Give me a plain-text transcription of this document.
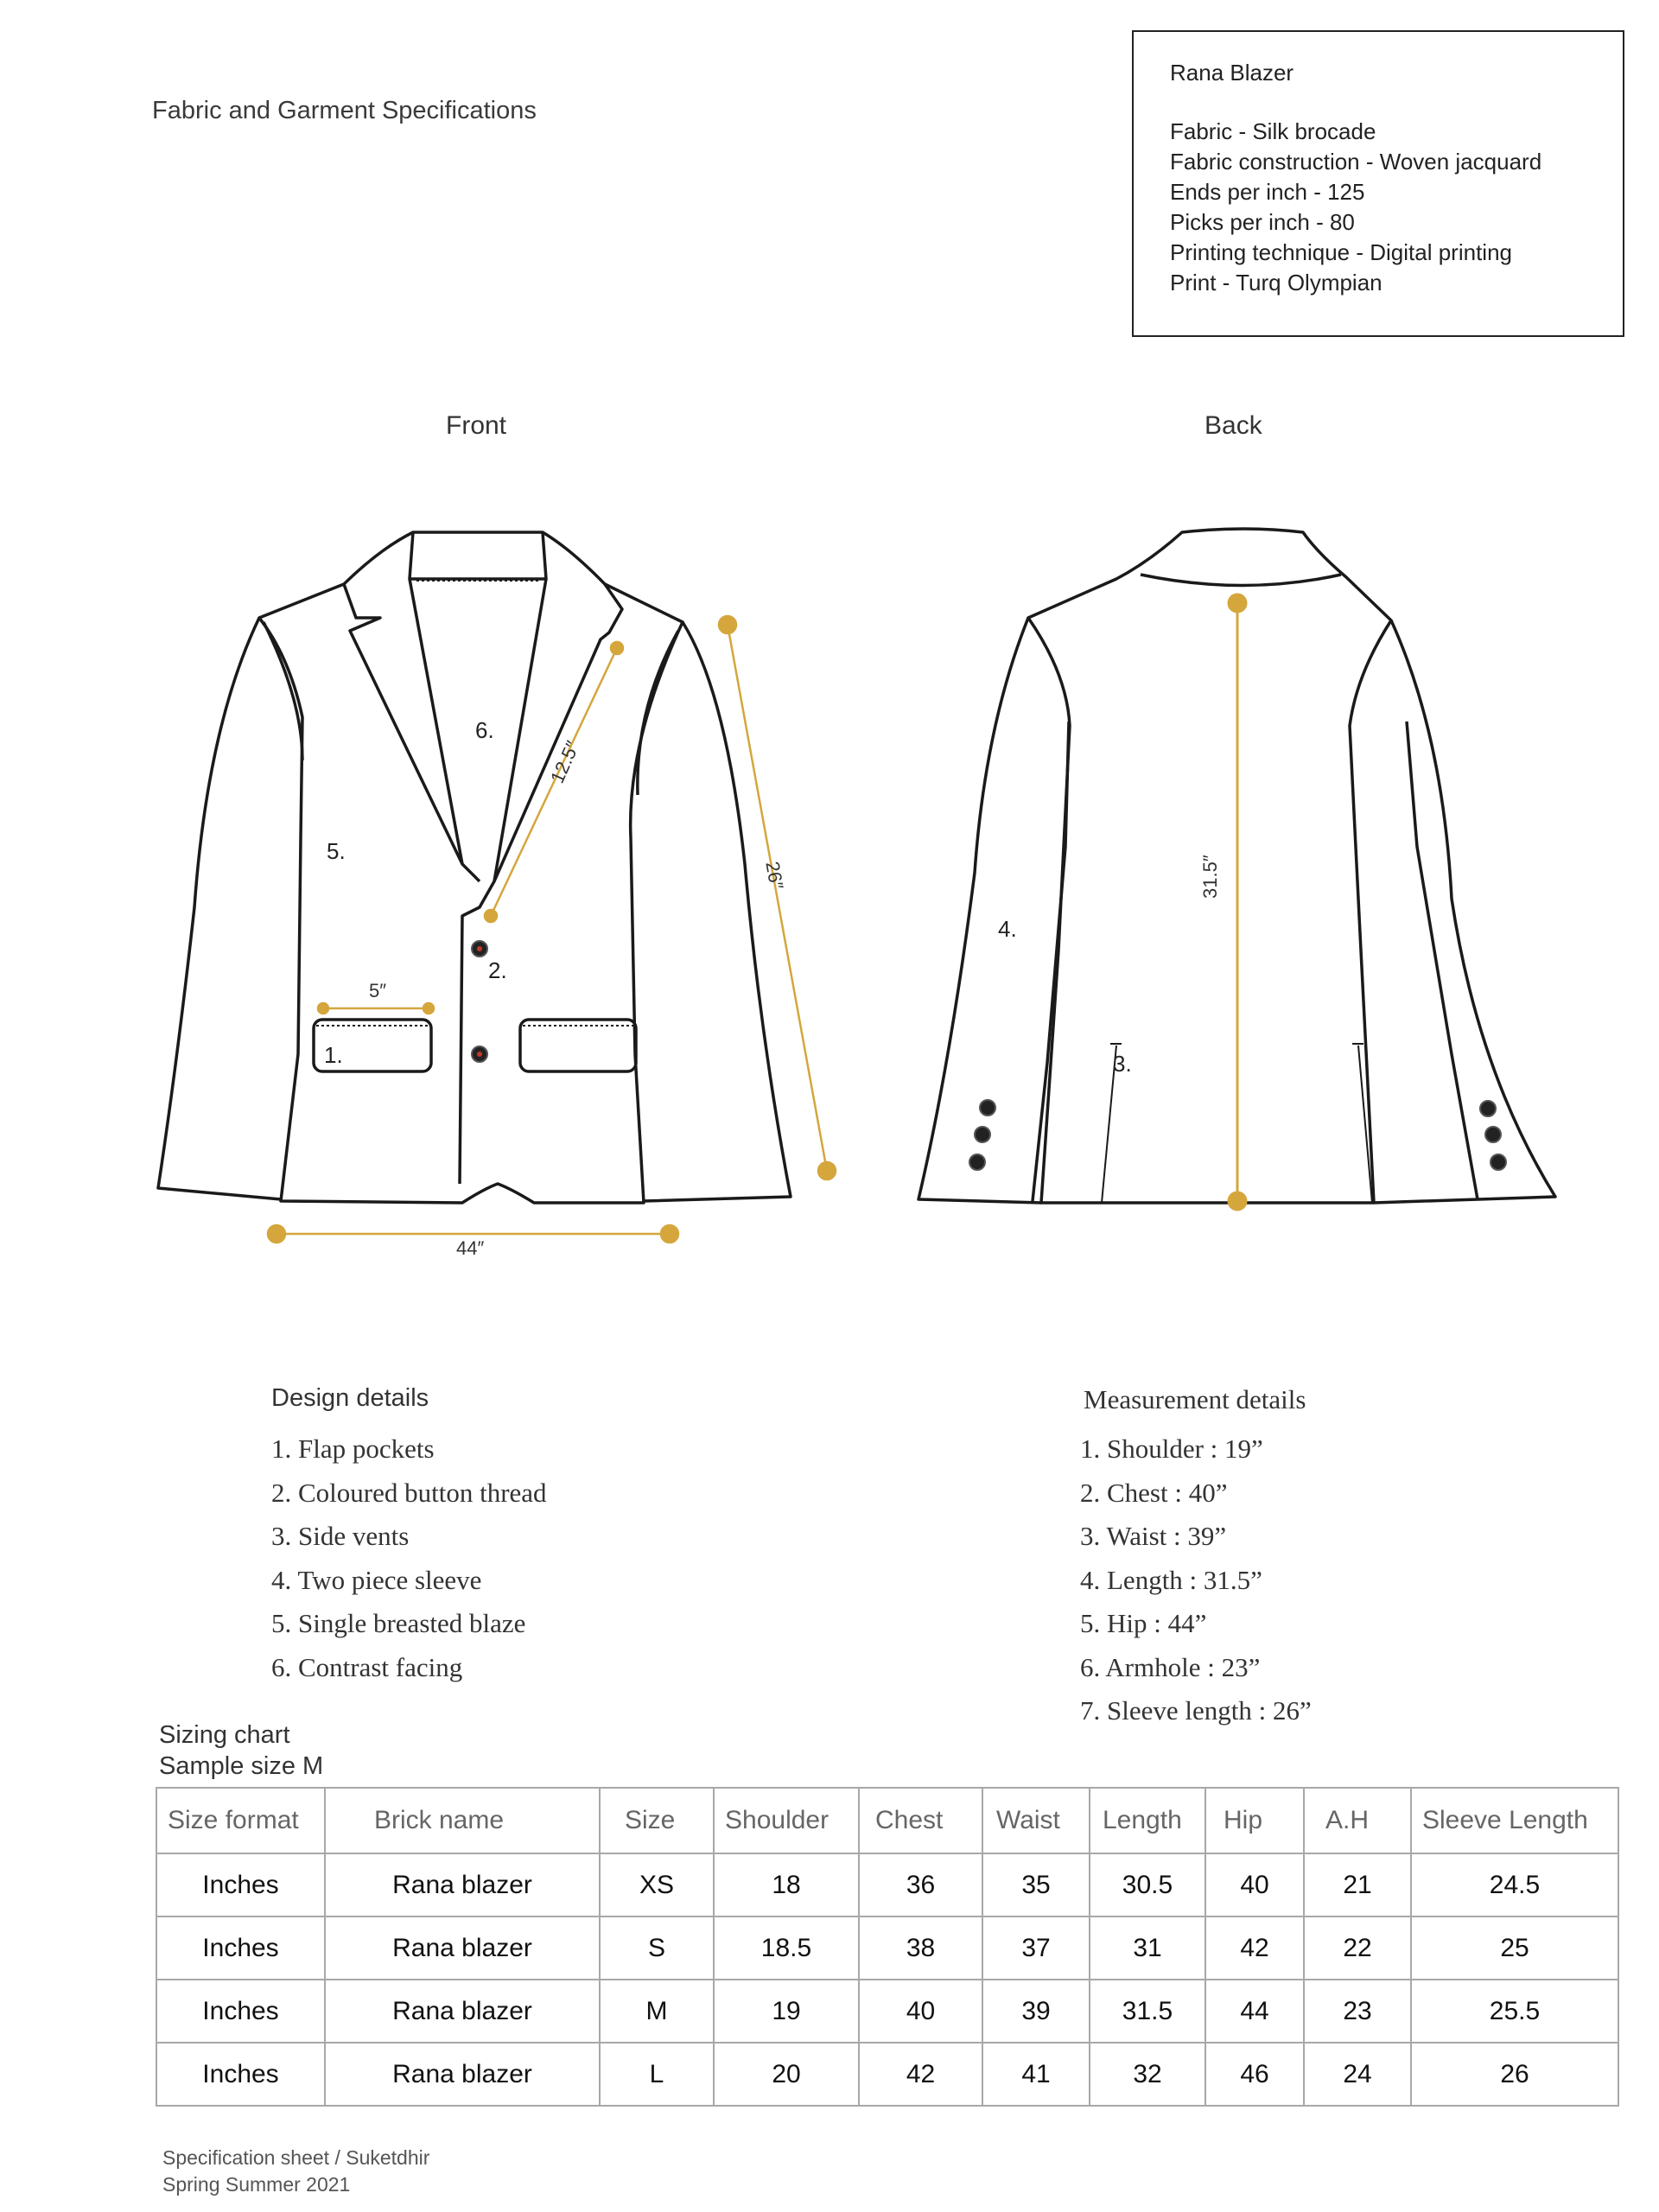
Fabric and Garment Specifications
Rana Blazer
Fabric - Silk brocade
Fabric construction - Woven jacquard
Ends per inch - 125
Picks per inch - 80
Printing technique - Digital printing
Print - Turq Olympian
Front	Back
6.
5.
2.
1.
5″
12.5″
26″
44″
4.
3.
31.5″
Design details
1. Flap pockets
2. Coloured button thread
3. Side vents
4. Two piece sleeve
5. Single breasted blaze
6. Contrast facing
Measurement details
1. Shoulder : 19”
2. Chest : 40”
3. Waist : 39”
4. Length : 31.5”
5. Hip : 44”
6. Armhole : 23”
7. Sleeve length : 26”
Sizing chart
Sample size M
Size format	Brick name	Size	Shoulder	Chest	Waist	Length	Hip	A.H	Sleeve Length
Inches	Rana blazer	XS	18	36	35	30.5	40	21	24.5
Inches	Rana blazer	S	18.5	38	37	31	42	22	25
Inches	Rana blazer	M	19	40	39	31.5	44	23	25.5
Inches	Rana blazer	L	20	42	41	32	46	24	26
Specification sheet / Suketdhir
Spring Summer 2021
